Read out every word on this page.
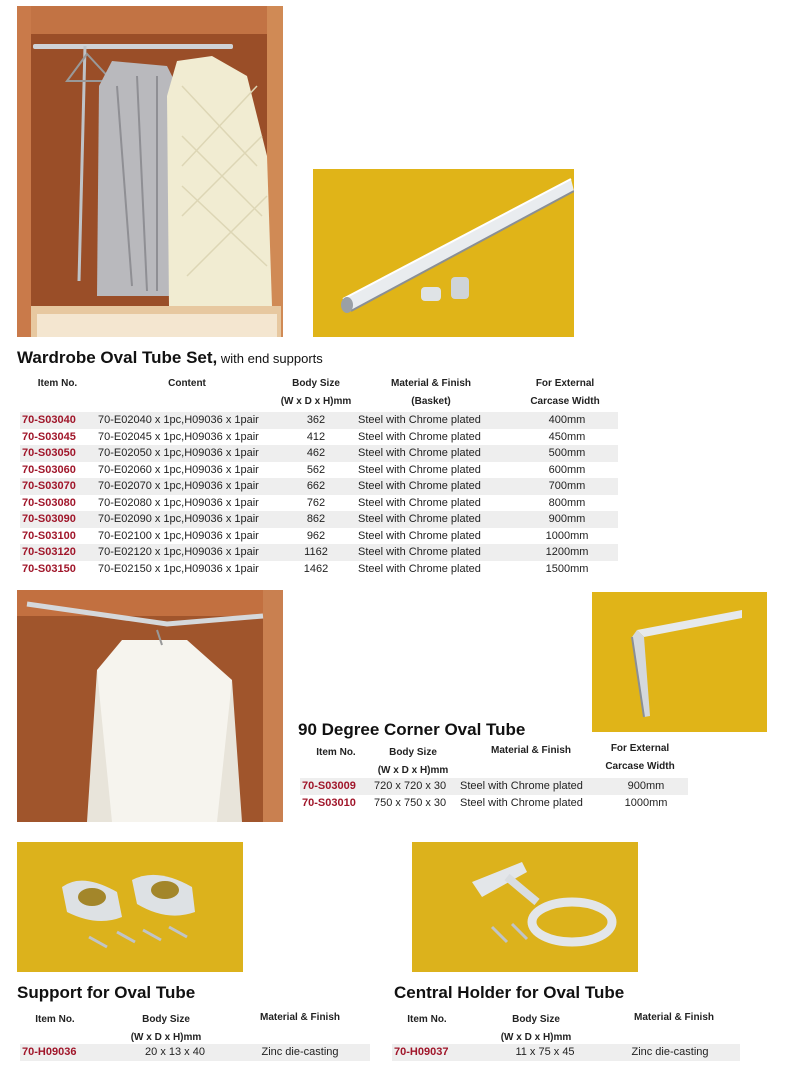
Wardrobe Oval Tube Set, with end supports
Item No.	Content	Body Size
(W x D x H)mm
Material & Finish
(Basket)
For External
Carcase Width
70-S03040	70-E02040 x 1pc,H09036 x 1pair	362	Steel with Chrome plated	400mm
70-S03045	70-E02045 x 1pc,H09036 x 1pair	412	Steel with Chrome plated	450mm
70-S03050	70-E02050 x 1pc,H09036 x 1pair	462	Steel with Chrome plated	500mm
70-S03060	70-E02060 x 1pc,H09036 x 1pair	562	Steel with Chrome plated	600mm
70-S03070	70-E02070 x 1pc,H09036 x 1pair	662	Steel with Chrome plated	700mm
70-S03080	70-E02080 x 1pc,H09036 x 1pair	762	Steel with Chrome plated	800mm
70-S03090	70-E02090 x 1pc,H09036 x 1pair	862	Steel with Chrome plated	900mm
70-S03100	70-E02100 x 1pc,H09036 x 1pair	962	Steel with Chrome plated	1000mm
70-S03120	70-E02120 x 1pc,H09036 x 1pair	1162	Steel with Chrome plated	1200mm
70-S03150	70-E02150 x 1pc,H09036 x 1pair	1462	Steel with Chrome plated	1500mm
90 Degree Corner Oval Tube
Item No.	Body Size
(W x D x H)mm
Material & Finish	For External
Carcase Width
70-S03009	720 x 720 x 30	Steel with Chrome plated	900mm
70-S03010	750 x 750 x 30	Steel with Chrome plated	1000mm
Support for Oval Tube
Item No.	Body Size
(W x D x H)mm
Material & Finish
70-H09036	20 x 13 x 40	Zinc die-casting
Central Holder for Oval Tube
Item No.	Body Size
(W x D x H)mm
Material & Finish
70-H09037	11 x 75 x 45	Zinc die-casting
